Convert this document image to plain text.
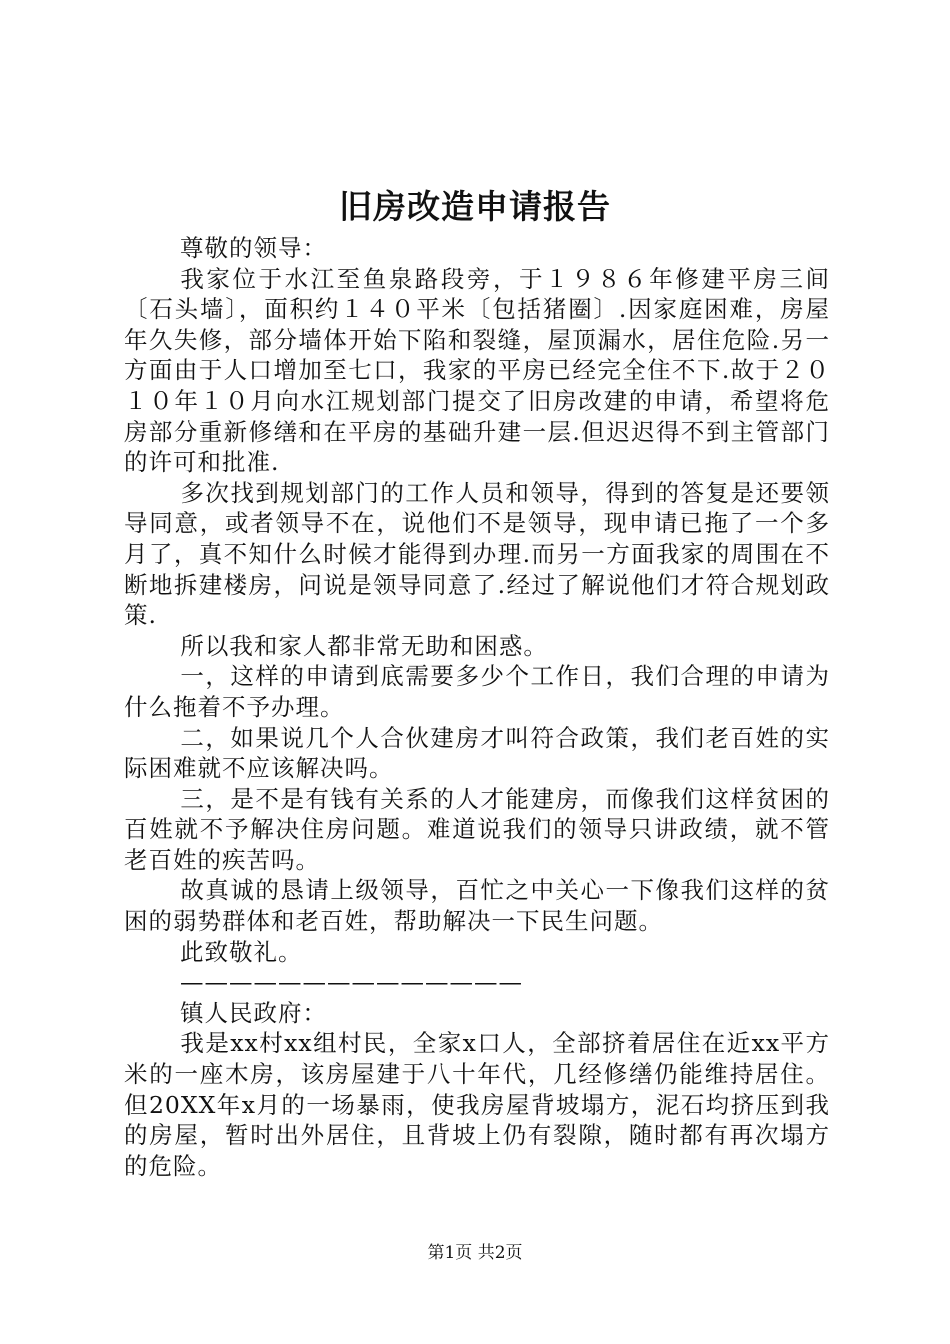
旧房改造申请报告

尊敬的领导：

我家位于水江至鱼泉路段旁，于１９８６年修建平房三间〔石头墙〕，面积约１４０平米〔包括猪圈〕.因家庭困难，房屋年久失修，部分墙体开始下陷和裂缝，屋顶漏水，居住危险.另一方面由于人口增加至七口，我家的平房已经完全住不下.故于２０１０年１０月向水江规划部门提交了旧房改建的申请，希望将危房部分重新修缮和在平房的基础升建一层.但迟迟得不到主管部门的许可和批准.

多次找到规划部门的工作人员和领导，得到的答复是还要领导同意，或者领导不在，说他们不是领导，现申请已拖了一个多月了，真不知什么时候才能得到办理.而另一方面我家的周围在不断地拆建楼房，问说是领导同意了.经过了解说他们才符合规划政策.

所以我和家人都非常无助和困惑。

一，这样的申请到底需要多少个工作日，我们合理的申请为什么拖着不予办理。

二，如果说几个人合伙建房才叫符合政策，我们老百姓的实际困难就不应该解决吗。

三，是不是有钱有关系的人才能建房，而像我们这样贫困的百姓就不予解决住房问题。难道说我们的领导只讲政绩，就不管老百姓的疾苦吗。

故真诚的恳请上级领导，百忙之中关心一下像我们这样的贫困的弱势群体和老百姓，帮助解决一下民生问题。

此致敬礼。

——————————————

镇人民政府：

我是xx村xx组村民，全家x口人，全部挤着居住在近xx平方米的一座木房，该房屋建于八十年代，几经修缮仍能维持居住。但20XX年x月的一场暴雨，使我房屋背坡塌方，泥石均挤压到我的房屋，暂时出外居住，且背坡上仍有裂隙，随时都有再次塌方的危险。

第1页 共2页
